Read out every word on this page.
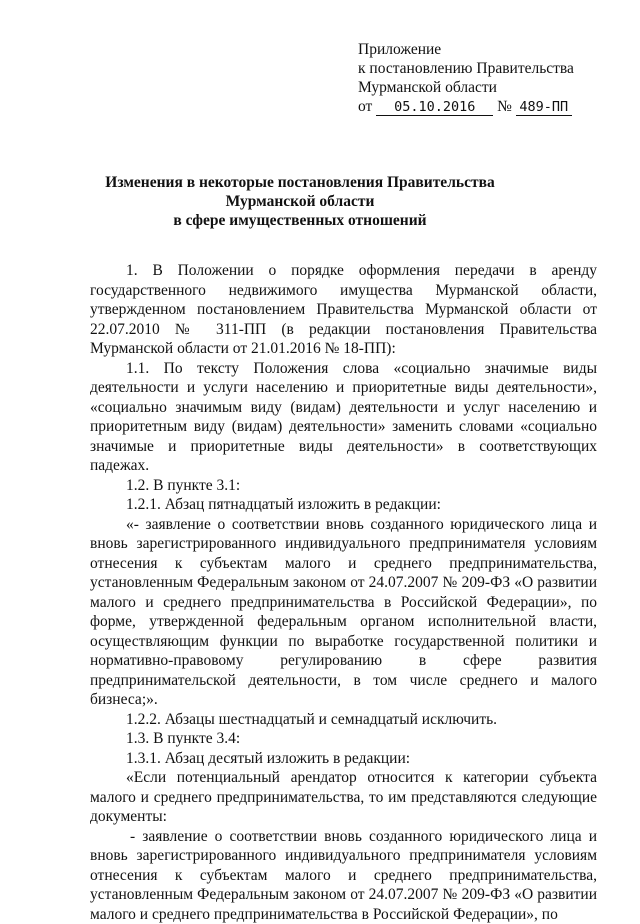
Приложение
к постановлению Правительства
Мурманской области
от 05.10.2016 № 489-ПП
Изменения в некоторые постановления Правительства
Мурманской области
в сфере имущественных отношений

1. В Положении о порядке оформления передачи в аренду государственного недвижимого имущества Мурманской области, утвержденном постановлением Правительства Мурманской области от 22.07.2010 № 311-ПП (в редакции постановления Правительства Мурманской области от 21.01.2016 № 18-ПП):

1.1. По тексту Положения слова «социально значимые виды деятельности и услуги населению и приоритетные виды деятельности», «социально значимым виду (видам) деятельности и услуг населению и приоритетным виду (видам) деятельности» заменить словами «социально значимые и приоритетные виды деятельности» в соответствующих падежах.

1.2. В пункте 3.1:

1.2.1. Абзац пятнадцатый изложить в редакции:

«- заявление о соответствии вновь созданного юридического лица и вновь зарегистрированного индивидуального предпринимателя условиям отнесения к субъектам малого и среднего предпринимательства, установленным Федеральным законом от 24.07.2007 № 209-ФЗ «О развитии малого и среднего предпринимательства в Российской Федерации», по форме, утвержденной федеральным органом исполнительной власти, осуществляющим функции по выработке государственной политики и нормативно-правовому регулированию в сфере развития предпринимательской деятельности, в том числе среднего и малого бизнеса;».

1.2.2. Абзацы шестнадцатый и семнадцатый исключить.

1.3. В пункте 3.4:

1.3.1. Абзац десятый изложить в редакции:

«Если потенциальный арендатор относится к категории субъекта малого и среднего предпринимательства, то им представляются следующие документы:

- заявление о соответствии вновь созданного юридического лица и вновь зарегистрированного индивидуального предпринимателя условиям отнесения к субъектам малого и среднего предпринимательства, установленным Федеральным законом от 24.07.2007 № 209-ФЗ «О развитии малого и среднего предпринимательства в Российской Федерации», по
